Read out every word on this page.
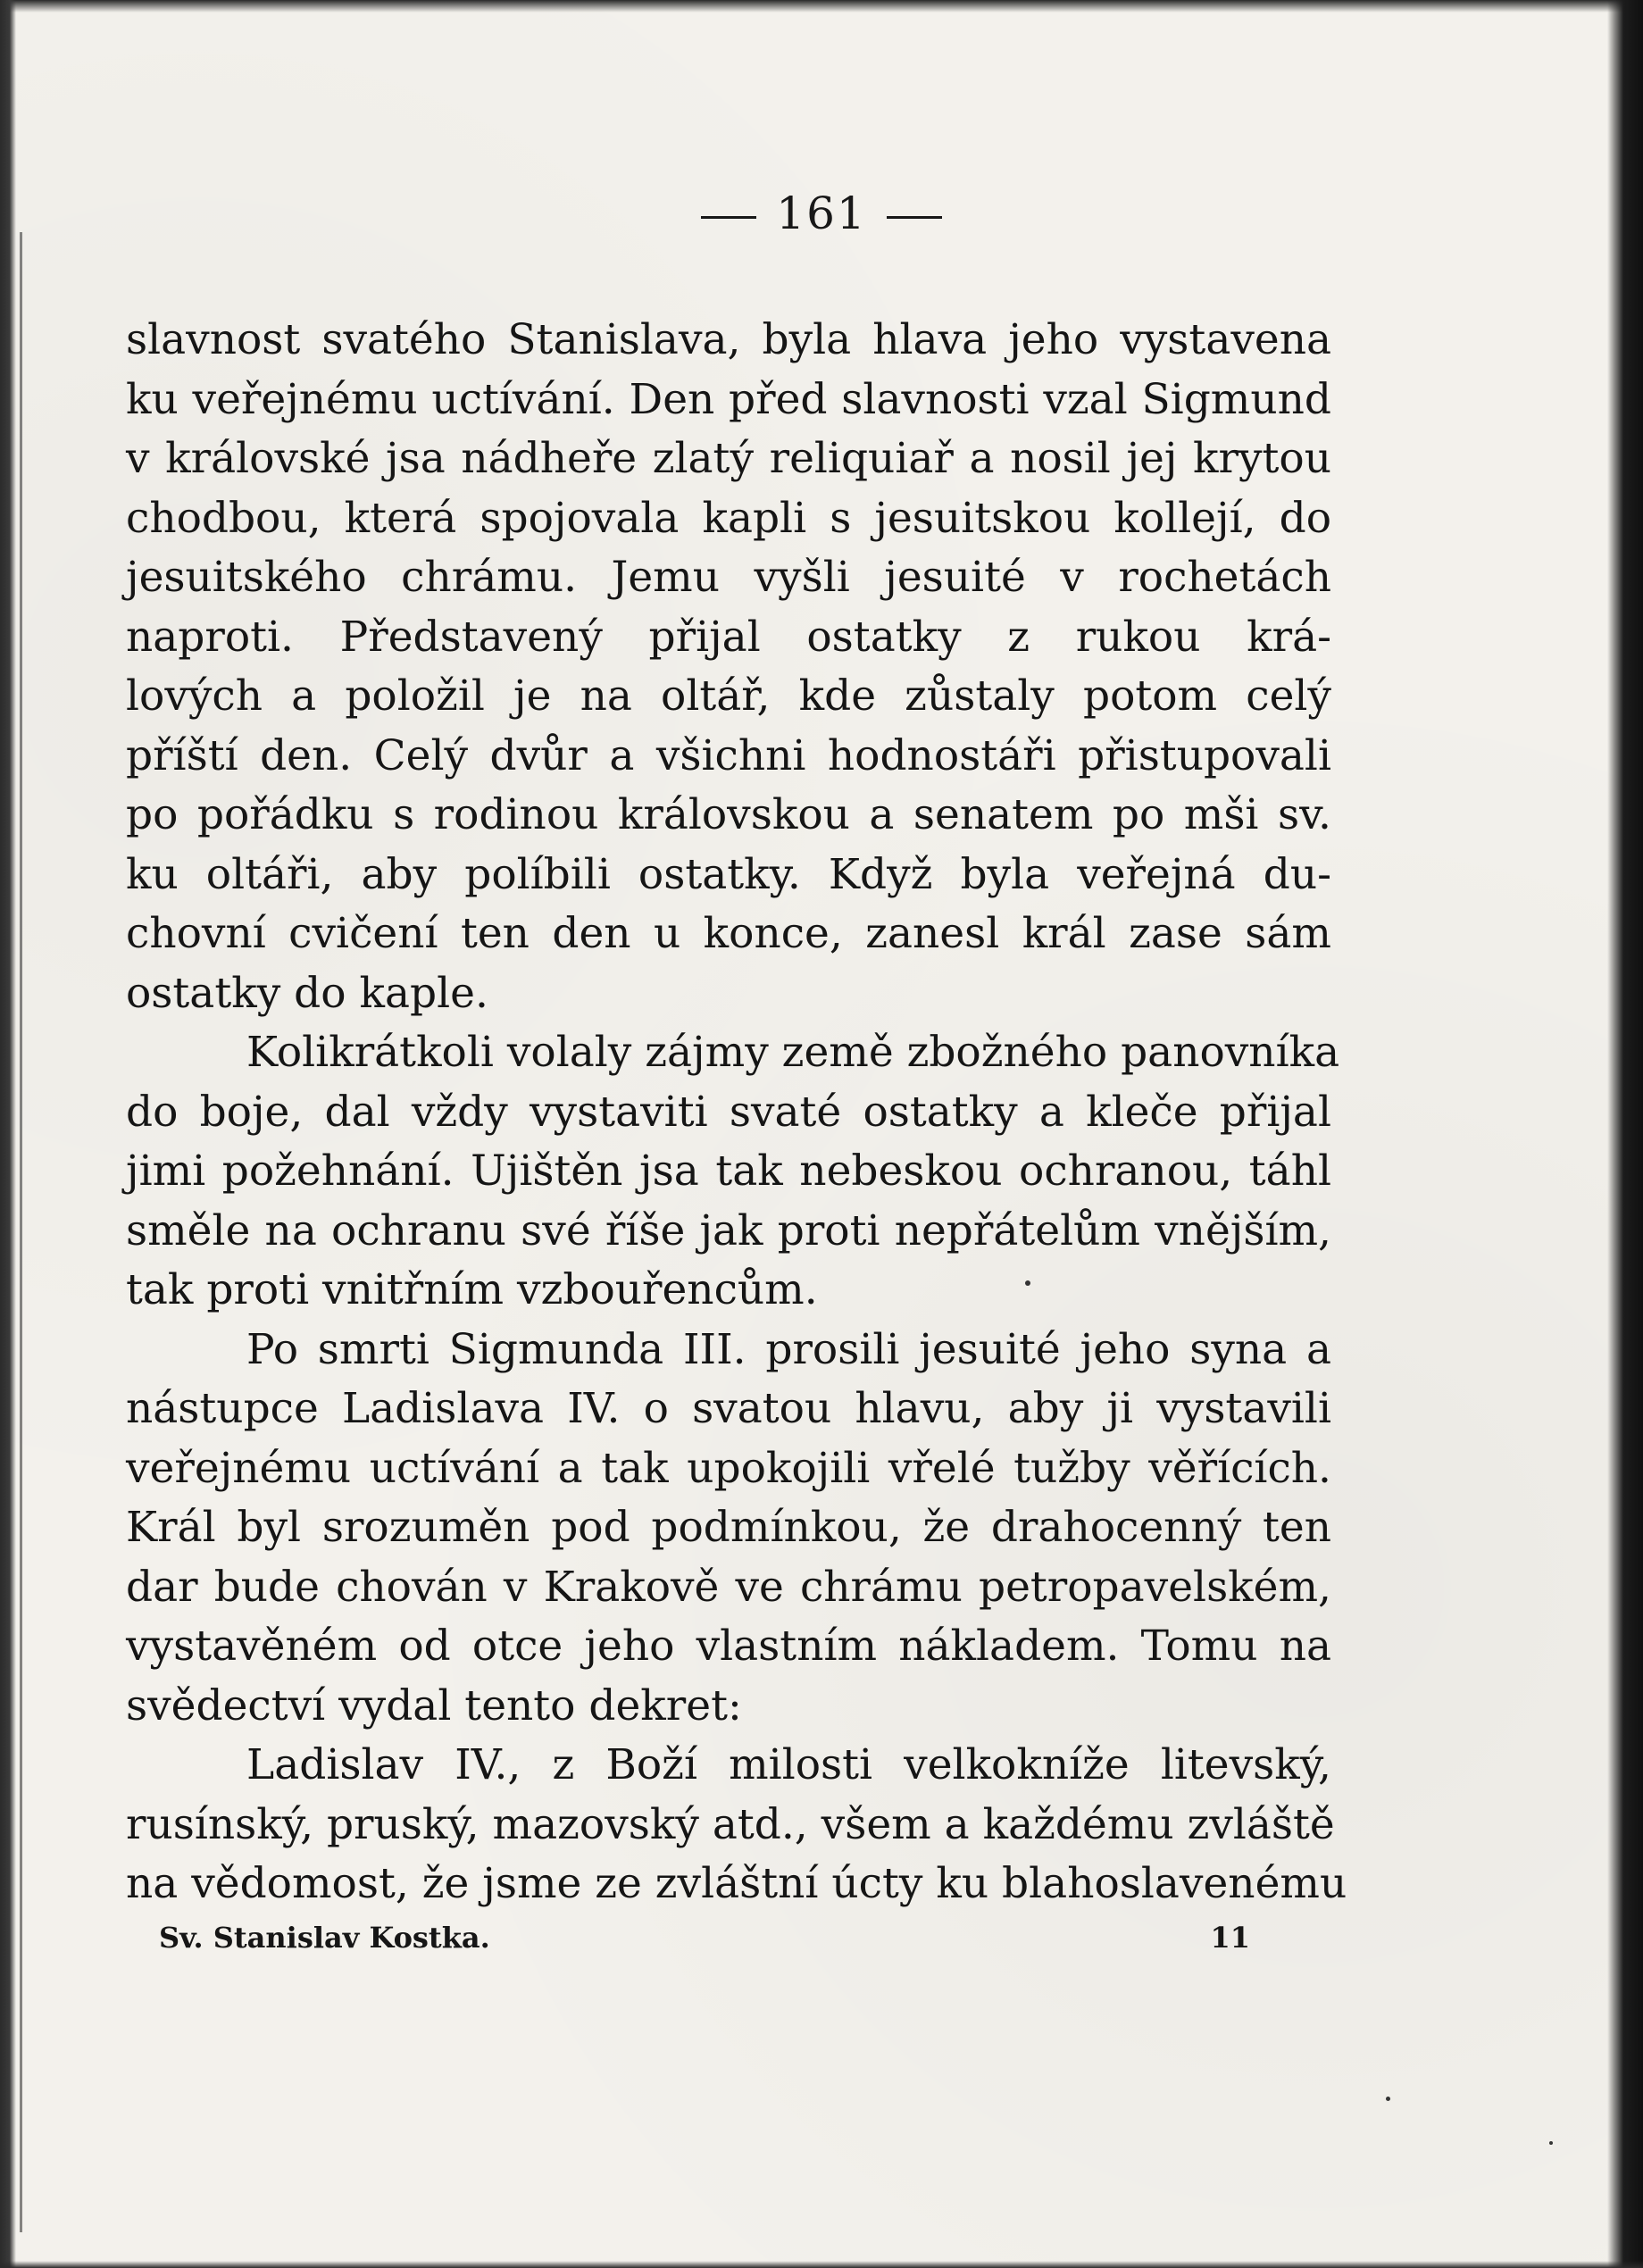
161
slavnost svatého Stanislava, byla hlava jeho vystavena
ku veřejnému uctívání. Den před slavnosti vzal Sigmund
v královské jsa nádheře zlatý reliquiař a nosil jej krytou
chodbou, která spojovala kapli s jesuitskou kollejí, do
jesuitského chrámu. Jemu vyšli jesuité v rochetách
naproti. Představený přijal ostatky z rukou krá-
lových a položil je na oltář, kde zůstaly potom celý
příští den. Celý dvůr a všichni hodnostáři přistupovali
po pořádku s rodinou královskou a senatem po mši sv.
ku oltáři, aby políbili ostatky. Když byla veřejná du-
chovní cvičení ten den u konce, zanesl král zase sám
ostatky do kaple.
Kolikrátkoli volaly zájmy země zbožného panovníka
do boje, dal vždy vystaviti svaté ostatky a kleče přijal
jimi požehnání. Ujištěn jsa tak nebeskou ochranou, táhl
směle na ochranu své říše jak proti nepřátelům vnějším,
tak proti vnitřním vzbouřencům.
Po smrti Sigmunda III. prosili jesuité jeho syna a
nástupce Ladislava IV. o svatou hlavu, aby ji vystavili
veřejnému uctívání a tak upokojili vřelé tužby věřících.
Král byl srozuměn pod podmínkou, že drahocenný ten
dar bude chován v Krakově ve chrámu petropavelském,
vystavěném od otce jeho vlastním nákladem. Tomu na
svědectví vydal tento dekret:
Ladislav IV., z Boží milosti velkokníže litevský,
rusínský, pruský, mazovský atd., všem a každému zvláště
na vědomost, že jsme ze zvláštní úcty ku blahoslavenému
Sv. Stanislav Kostka.	11
